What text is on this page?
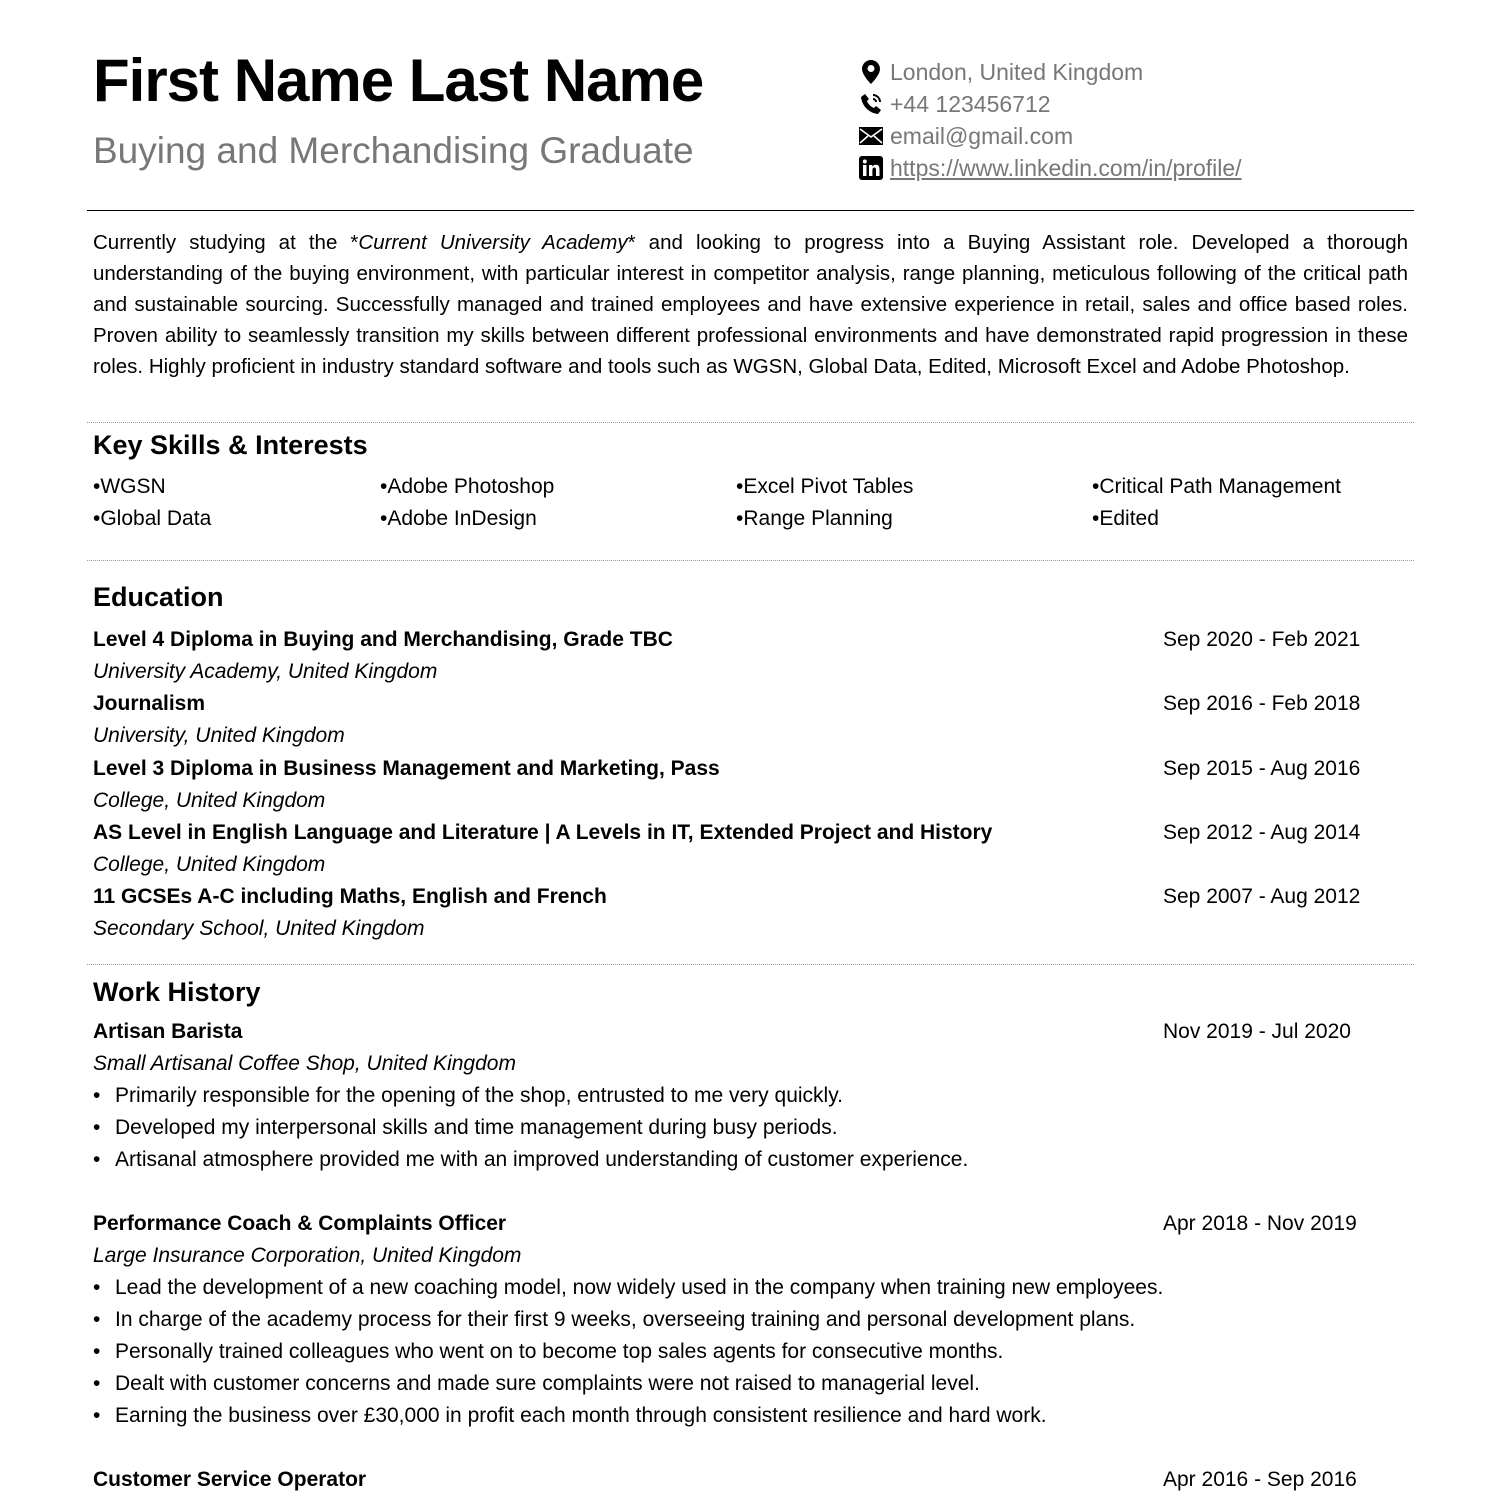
First Name Last Name
Buying and Merchandising Graduate
London, United Kingdom
+44 123456712
email@gmail.com
https://www.linkedin.com/in/profile/
Currently studying at the *Current University Academy* and looking to progress into a Buying Assistant role. Developed a thorough understanding of the buying environment, with particular interest in competitor analysis, range planning, meticulous following of the critical path and sustainable sourcing. Successfully managed and trained employees and have extensive experience in retail, sales and office based roles. Proven ability to seamlessly transition my skills between different professional environments and have demonstrated rapid progression in these roles. Highly proficient in industry standard software and tools such as WGSN, Global Data, Edited, Microsoft Excel and Adobe Photoshop.
Key Skills & Interests
•WGSN	•Adobe Photoshop	•Excel Pivot Tables	•Critical Path Management
•Global Data	•Adobe InDesign	•Range Planning	•Edited
Education
Work History
Level 4 Diploma in Buying and Merchandising, Grade TBC	Sep 2020 - Feb 2021
University Academy, United Kingdom
Journalism	Sep 2016 - Feb 2018
University, United Kingdom
Level 3 Diploma in Business Management and Marketing, Pass	Sep 2015 - Aug 2016
College, United Kingdom
AS Level in English Language and Literature | A Levels in IT, Extended Project and History	Sep 2012 - Aug 2014
College, United Kingdom
11 GCSEs A-C including Maths, English and French	Sep 2007 - Aug 2012
Secondary School, United Kingdom
Artisan Barista	Nov 2019 - Jul 2020
Small Artisanal Coffee Shop, United Kingdom
• Primarily responsible for the opening of the shop, entrusted to me very quickly.
• Developed my interpersonal skills and time management during busy periods.
• Artisanal atmosphere provided me with an improved understanding of customer experience.
Performance Coach & Complaints Officer	Apr 2018 - Nov 2019
Large Insurance Corporation, United Kingdom
• Lead the development of a new coaching model, now widely used in the company when training new employees.
• In charge of the academy process for their first 9 weeks, overseeing training and personal development plans.
• Personally trained colleagues who went on to become top sales agents for consecutive months.
• Dealt with customer concerns and made sure complaints were not raised to managerial level.
• Earning the business over £30,000 in profit each month through consistent resilience and hard work.
Customer Service Operator	Apr 2016 - Sep 2016
